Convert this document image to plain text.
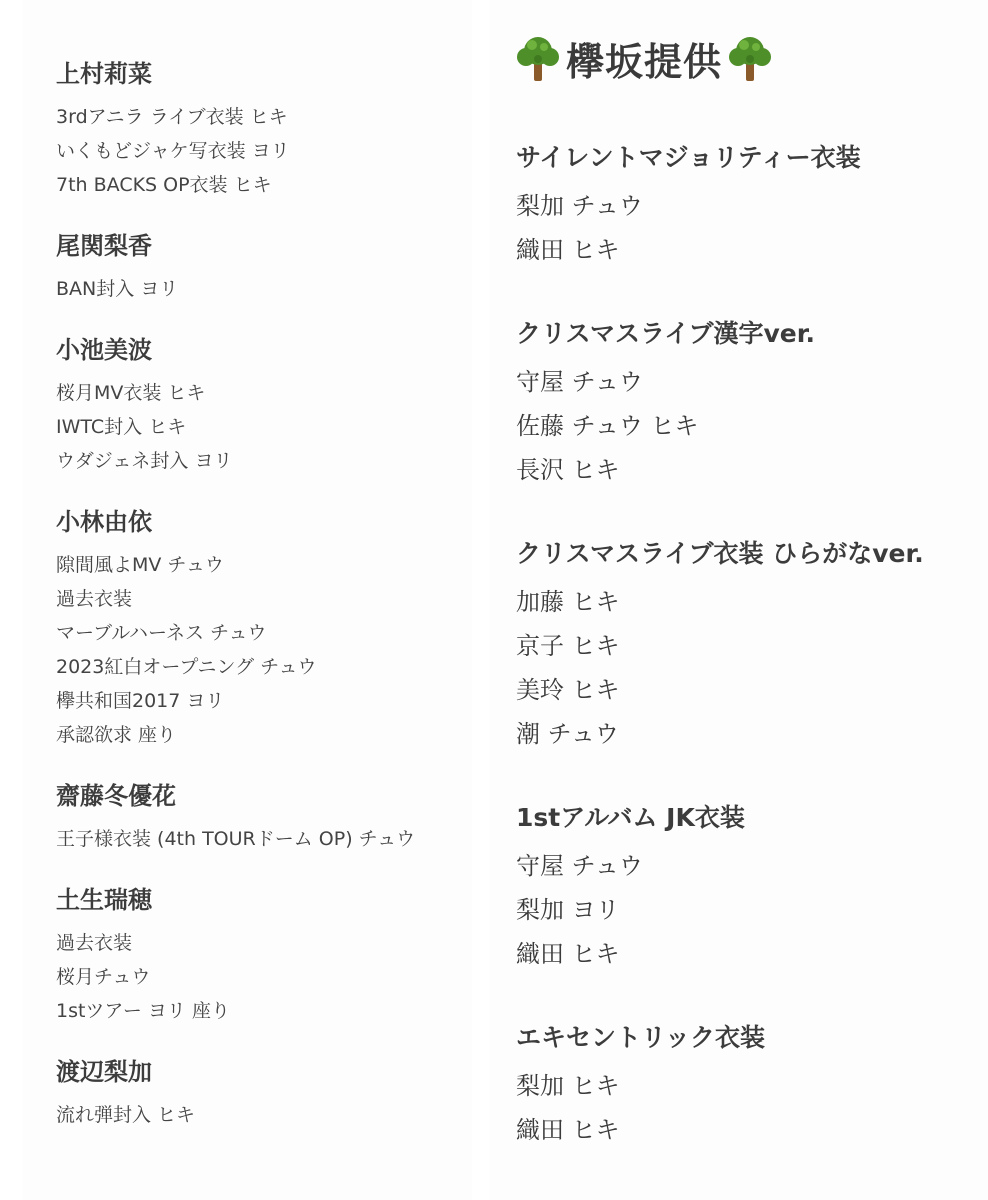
上村莉菜
3rdアニラ ライブ衣装 ヒキ
いくもどジャケ写衣装 ヨリ
7th BACKS OP衣装 ヒキ
尾関梨香
BAN封入 ヨリ
小池美波
桜月MV衣装 ヒキ
IWTC封入 ヒキ
ウダジェネ封入 ヨリ
小林由依
隙間風よMV チュウ
過去衣装
マーブルハーネス チュウ
2023紅白オープニング チュウ
欅共和国2017 ヨリ
承認欲求 座り
齋藤冬優花
王子様衣装 (4th TOURドーム OP) チュウ
土生瑞穂
過去衣装
桜月チュウ
1stツアー ヨリ 座り
渡辺梨加
流れ弾封入 ヒキ
欅坂提供
サイレントマジョリティー衣装
梨加 チュウ
織田 ヒキ
クリスマスライブ漢字ver.
守屋 チュウ
佐藤 チュウ ヒキ
長沢 ヒキ
クリスマスライブ衣装 ひらがなver.
加藤 ヒキ
京子 ヒキ
美玲 ヒキ
潮 チュウ
1stアルバム JK衣装
守屋 チュウ
梨加 ヨリ
織田 ヒキ
エキセントリック衣装
梨加 ヒキ
織田 ヒキ
